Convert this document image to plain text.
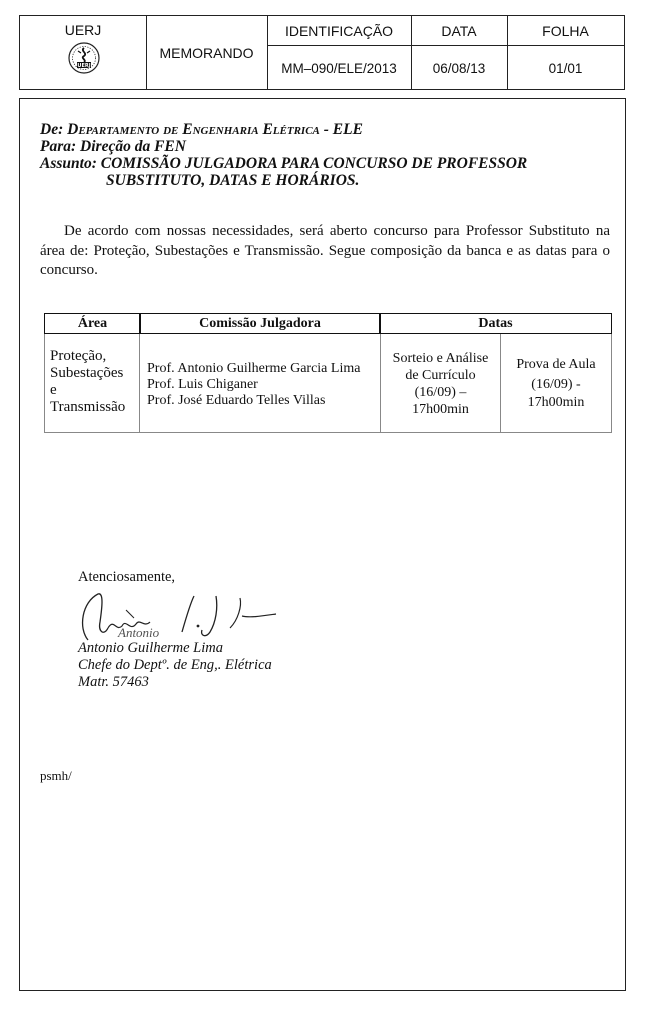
UERJ
UERJ
MEMORANDO
IDENTIFICAÇÃO
MM–090/ELE/2013
DATA
06/08/13
FOLHA
01/01
De: Departamento de Engenharia Elétrica - ELE
Para: Direção da FEN
Assunto: COMISSÃO JULGADORA PARA CONCURSO DE PROFESSOR
SUBSTITUTO, DATAS E HORÁRIOS.
De acordo com nossas necessidades, será aberto concurso para Professor Substituto na área de: Proteção, Subestações e Transmissão. Segue composição da banca e as datas para o concurso.
Área	Comissão Julgadora	Datas
Proteção,
Subestações
e
Transmissão
Prof. Antonio Guilherme Garcia Lima
Prof. Luis Chiganer
Prof. José Eduardo Telles Villas
Sorteio e Análise
de Currículo
(16/09) –
17h00min
Prova de Aula
(16/09) -
17h00min
Atenciosamente,
Antonio
Antonio Guilherme Lima
Chefe do Deptº. de Eng,. Elétrica
Matr. 57463
psmh/
